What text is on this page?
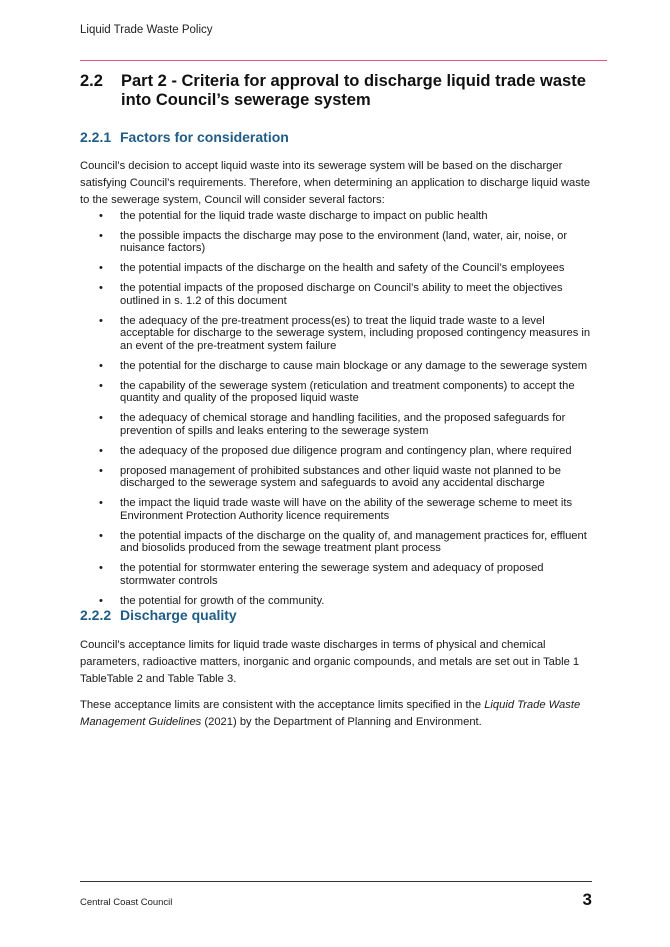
Liquid Trade Waste Policy
2.2	Part 2 - Criteria for approval to discharge liquid trade waste into Council’s sewerage system
2.2.1 Factors for consideration
Council’s decision to accept liquid waste into its sewerage system will be based on the discharger satisfying Council’s requirements. Therefore, when determining an application to discharge liquid waste to the sewerage system, Council will consider several factors:
• the potential for the liquid trade waste discharge to impact on public health
• the possible impacts the discharge may pose to the environment (land, water, air, noise, or nuisance factors)
• the potential impacts of the discharge on the health and safety of the Council’s employees
• the potential impacts of the proposed discharge on Council’s ability to meet the objectives outlined in s. 1.2 of this document
• the adequacy of the pre-treatment process(es) to treat the liquid trade waste to a level acceptable for discharge to the sewerage system, including proposed contingency measures in an event of the pre-treatment system failure
• the potential for the discharge to cause main blockage or any damage to the sewerage system
• the capability of the sewerage system (reticulation and treatment components) to accept the quantity and quality of the proposed liquid waste
• the adequacy of chemical storage and handling facilities, and the proposed safeguards for prevention of spills and leaks entering to the sewerage system
• the adequacy of the proposed due diligence program and contingency plan, where required
• proposed management of prohibited substances and other liquid waste not planned to be discharged to the sewerage system and safeguards to avoid any accidental discharge
• the impact the liquid trade waste will have on the ability of the sewerage scheme to meet its Environment Protection Authority licence requirements
• the potential impacts of the discharge on the quality of, and management practices for, effluent and biosolids produced from the sewage treatment plant process
• the potential for stormwater entering the sewerage system and adequacy of proposed stormwater controls
• the potential for growth of the community.
2.2.2 Discharge quality
Council’s acceptance limits for liquid trade waste discharges in terms of physical and chemical parameters, radioactive matters, inorganic and organic compounds, and metals are set out in Table 1 TableTable 2 and Table Table 3.
These acceptance limits are consistent with the acceptance limits specified in the Liquid Trade Waste Management Guidelines (2021) by the Department of Planning and Environment.
Central Coast Council	3
